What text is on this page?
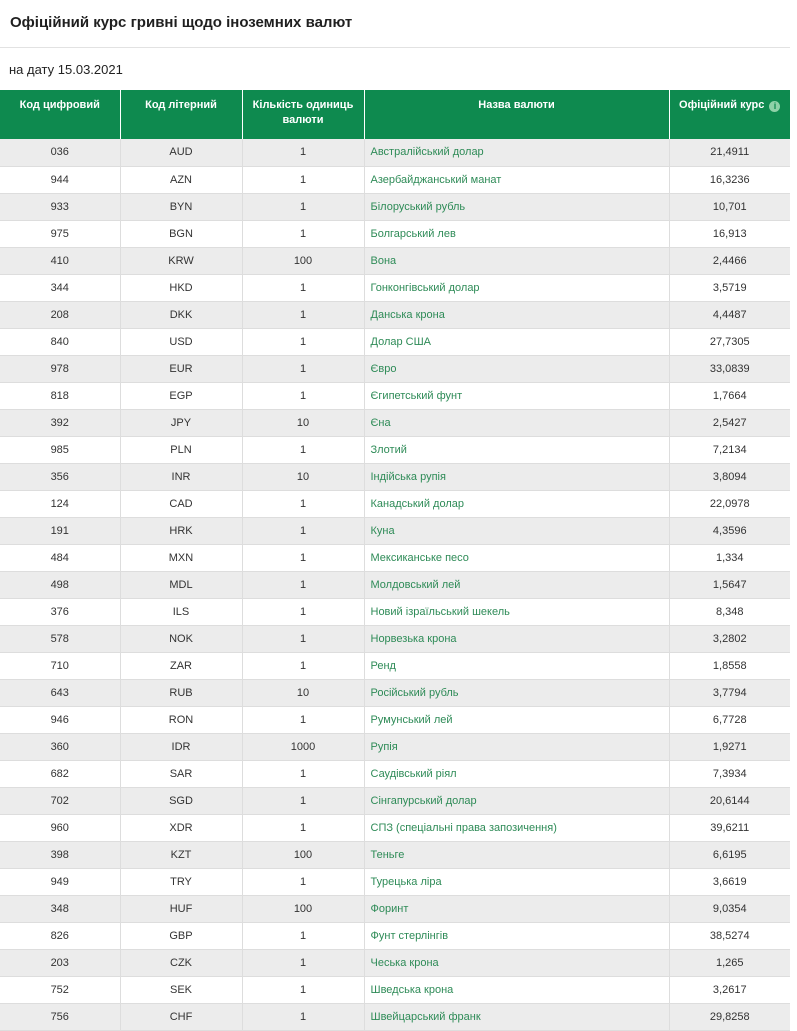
Офіційний курс гривні щодо іноземних валют
на дату 15.03.2021
Код цифровий	Код літерний	Кількість одиниць валюти	Назва валюти	Офіційний курс i
036	AUD	1	Австралійський долар	21,4911
944	AZN	1	Азербайджанський манат	16,3236
933	BYN	1	Білоруський рубль	10,701
975	BGN	1	Болгарський лев	16,913
410	KRW	100	Вона	2,4466
344	HKD	1	Гонконгівський долар	3,5719
208	DKK	1	Данська крона	4,4487
840	USD	1	Долар США	27,7305
978	EUR	1	Євро	33,0839
818	EGP	1	Єгипетський фунт	1,7664
392	JPY	10	Єна	2,5427
985	PLN	1	Злотий	7,2134
356	INR	10	Індійська рупія	3,8094
124	CAD	1	Канадський долар	22,0978
191	HRK	1	Куна	4,3596
484	MXN	1	Мексиканське песо	1,334
498	MDL	1	Молдовський лей	1,5647
376	ILS	1	Новий ізраїльський шекель	8,348
578	NOK	1	Норвезька крона	3,2802
710	ZAR	1	Ренд	1,8558
643	RUB	10	Російський рубль	3,7794
946	RON	1	Румунський лей	6,7728
360	IDR	1000	Рупія	1,9271
682	SAR	1	Саудівський ріял	7,3934
702	SGD	1	Сінгапурський долар	20,6144
960	XDR	1	СПЗ (спеціальні права запозичення)	39,6211
398	KZT	100	Теньге	6,6195
949	TRY	1	Турецька ліра	3,6619
348	HUF	100	Форинт	9,0354
826	GBP	1	Фунт стерлінгів	38,5274
203	CZK	1	Чеська крона	1,265
752	SEK	1	Шведська крона	3,2617
756	CHF	1	Швейцарський франк	29,8258
